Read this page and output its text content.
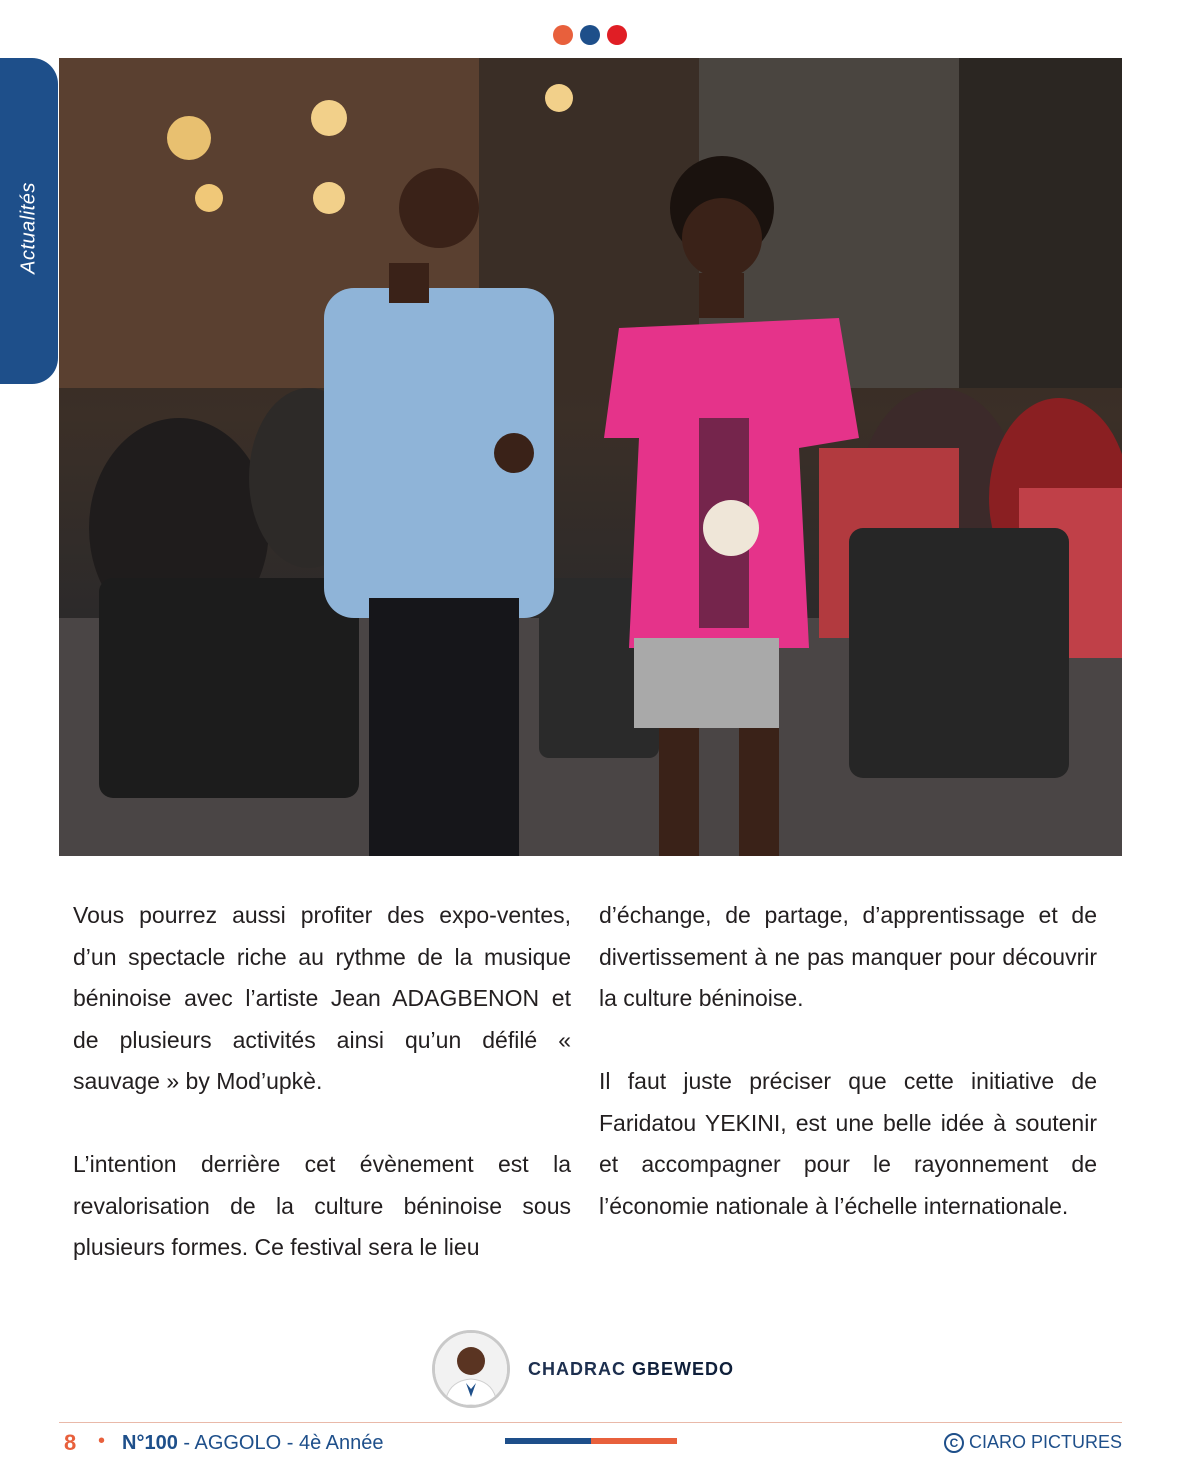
Actualités

Vous pourrez aussi profiter des expo-ventes, d’un spectacle riche au rythme de la musique béninoise avec l’artiste Jean ADAGBENON et de plusieurs activités ainsi qu’un défilé « sauvage » by Mod’upkè.

L’intention derrière cet évènement est la revalorisation de la culture béninoise sous plusieurs formes. Ce festival sera le lieu

d’échange, de partage, d’apprentissage et de divertissement à ne pas manquer pour découvrir la culture béninoise.

Il faut juste préciser que cette initiative de Faridatou YEKINI, est une belle idée à soutenir et accompagner pour le rayonnement de l’économie nationale à l’échelle internationale.

CHADRAC GBEWEDO
8 • N°100 - AGGOLO - 4è Année	C CIARO PICTURES
